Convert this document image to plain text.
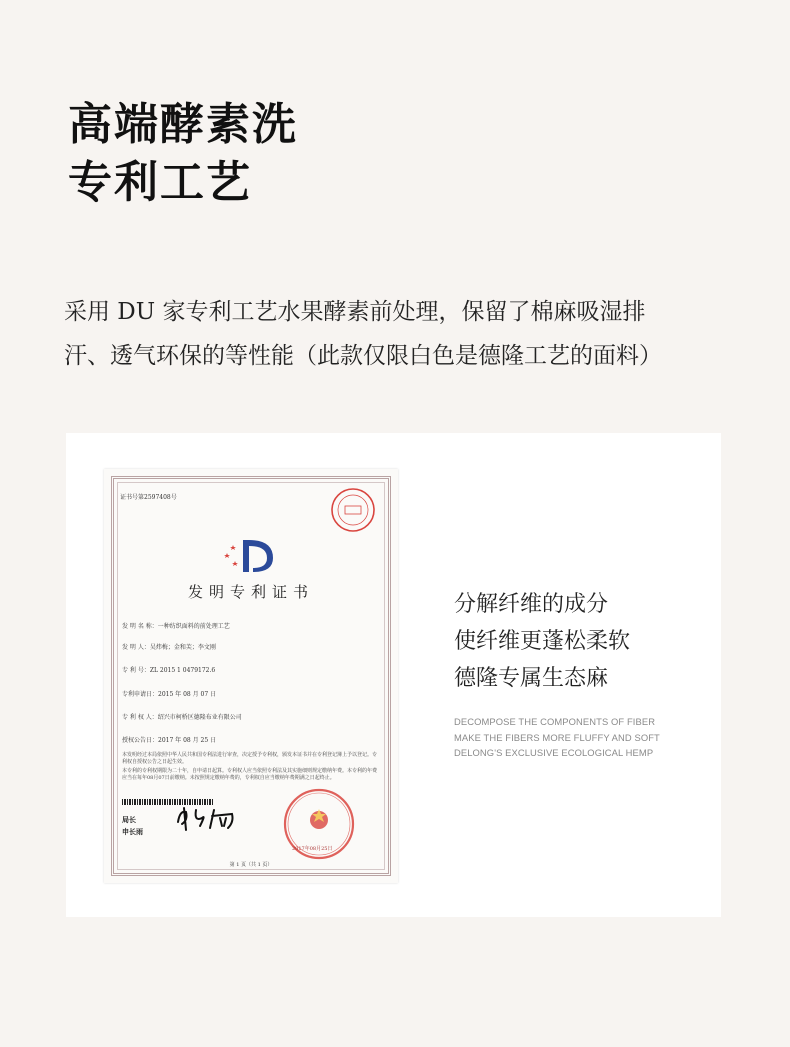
高端酵素洗
专利工艺
采用 DU 家专利工艺水果酵素前处理，保留了棉麻吸湿排
汗、透气环保的等性能（此款仅限白色是德隆工艺的面料）
证书号第2597408号
发明专利证书
发 明 名 称：一种纺织面料的前处理工艺
发 明 人：吴炜梅；金和芙；李文刚
专 利 号：ZL 2015 1 0479172.6
专利申请日：2015 年 08 月 07 日
专 利 权 人：绍兴市柯桥区德隆布业有限公司
授权公告日：2017 年 08 月 25 日
本发明经过本局依照中华人民共和国专利法进行审查，决定授予专利权，颁发本证书并在专利登记簿上予以登记。专利权自授权公告之日起生效。
本专利的专利权期限为二十年，自申请日起算。专利权人应当依照专利法及其实施细则规定缴纳年费。本专利的年费应当在每年08月07日前缴纳。未按照规定缴纳年费的，专利权自应当缴纳年费期满之日起终止。
局长
申长雨
2017年08月25日
第 1 页（共 1 页）
分解纤维的成分
使纤维更蓬松柔软
德隆专属生态麻
DECOMPOSE THE COMPONENTS OF FIBER
MAKE THE FIBERS MORE FLUFFY AND SOFT
DELONG'S EXCLUSIVE ECOLOGICAL HEMP
